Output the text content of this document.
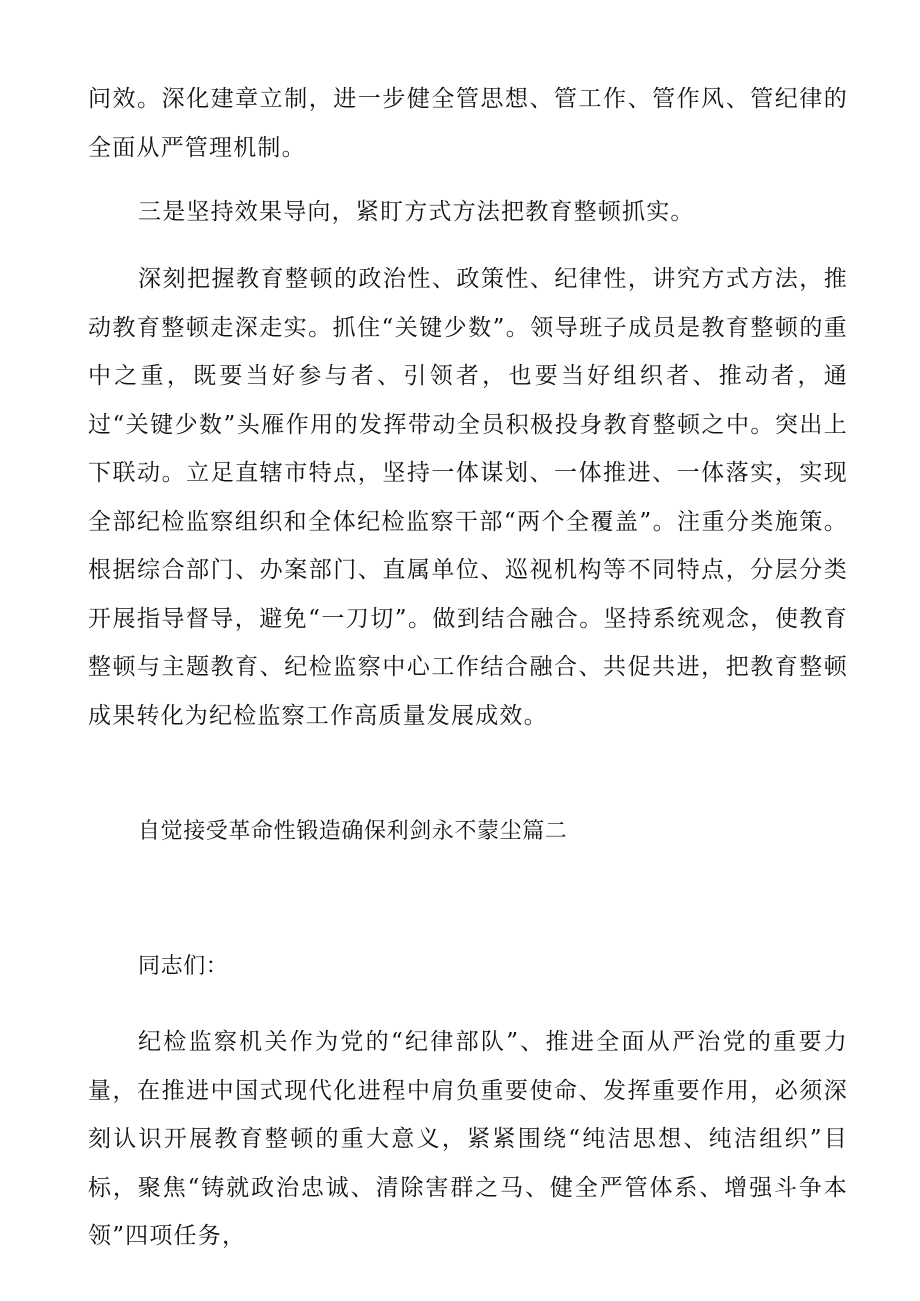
问效。深化建章立制，进一步健全管思想、管工作、管作风、管纪律的全面从严管理机制。

三是坚持效果导向，紧盯方式方法把教育整顿抓实。

深刻把握教育整顿的政治性、政策性、纪律性，讲究方式方法，推动教育整顿走深走实。抓住“关键少数”。领导班子成员是教育整顿的重中之重，既要当好参与者、引领者，也要当好组织者、推动者，通过“关键少数”头雁作用的发挥带动全员积极投身教育整顿之中。突出上下联动。立足直辖市特点，坚持一体谋划、一体推进、一体落实，实现全部纪检监察组织和全体纪检监察干部“两个全覆盖”。注重分类施策。根据综合部门、办案部门、直属单位、巡视机构等不同特点，分层分类开展指导督导，避免“一刀切”。做到结合融合。坚持系统观念，使教育整顿与主题教育、纪检监察中心工作结合融合、共促共进，把教育整顿成果转化为纪检监察工作高质量发展成效。

自觉接受革命性锻造确保利剑永不蒙尘篇二

同志们：

纪检监察机关作为党的“纪律部队”、推进全面从严治党的重要力量，在推进中国式现代化进程中肩负重要使命、发挥重要作用，必须深刻认识开展教育整顿的重大意义，紧紧围绕“纯洁思想、纯洁组织”目标，聚焦“铸就政治忠诚、清除害群之马、健全严管体系、增强斗争本领”四项任务，
